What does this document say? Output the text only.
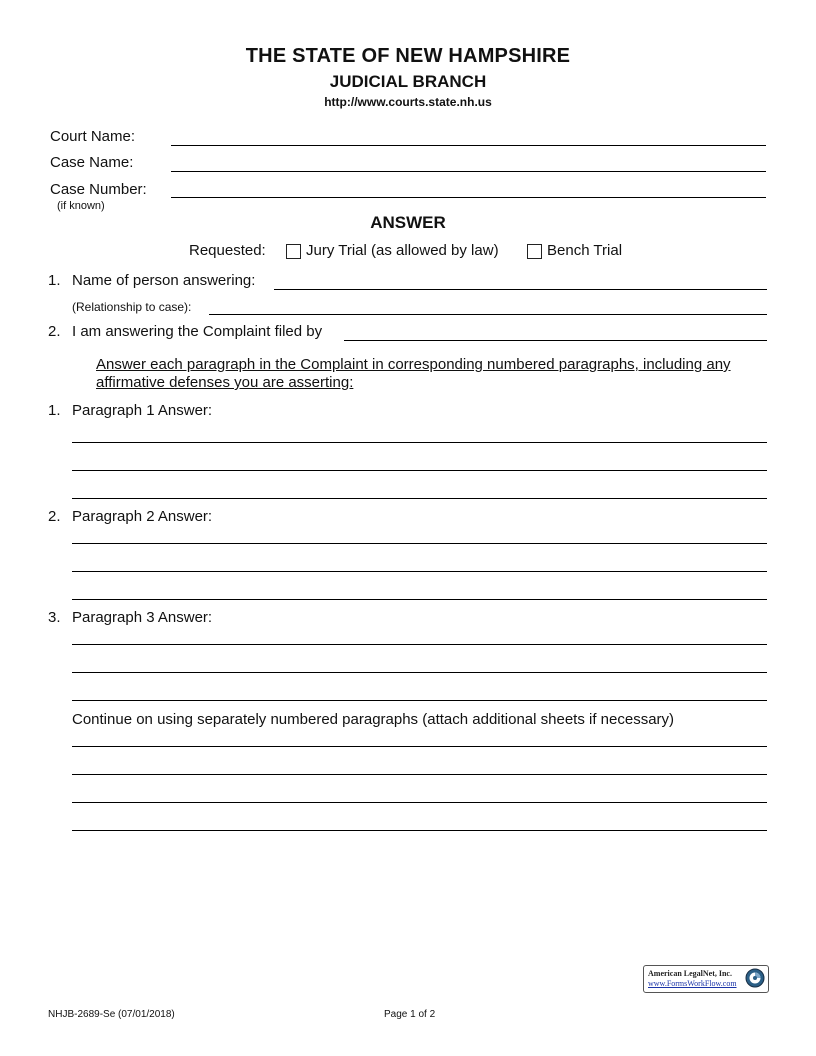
THE STATE OF NEW HAMPSHIRE
JUDICIAL BRANCH
http://www.courts.state.nh.us
Court Name:
Case Name:
Case Number:
(if known)
ANSWER
Requested:	Jury Trial (as allowed by law)	Bench Trial
1. Name of person answering:
(Relationship to case):
2. I am answering the Complaint filed by
Answer each paragraph in the Complaint in corresponding numbered paragraphs, including any affirmative defenses you are asserting:
1. Paragraph 1 Answer:
2. Paragraph 2 Answer:
3. Paragraph 3 Answer:
Continue on using separately numbered paragraphs (attach additional sheets if necessary)
American LegalNet, Inc.
www.FormsWorkFlow.com
NHJB-2689-Se (07/01/2018)	Page 1 of 2
